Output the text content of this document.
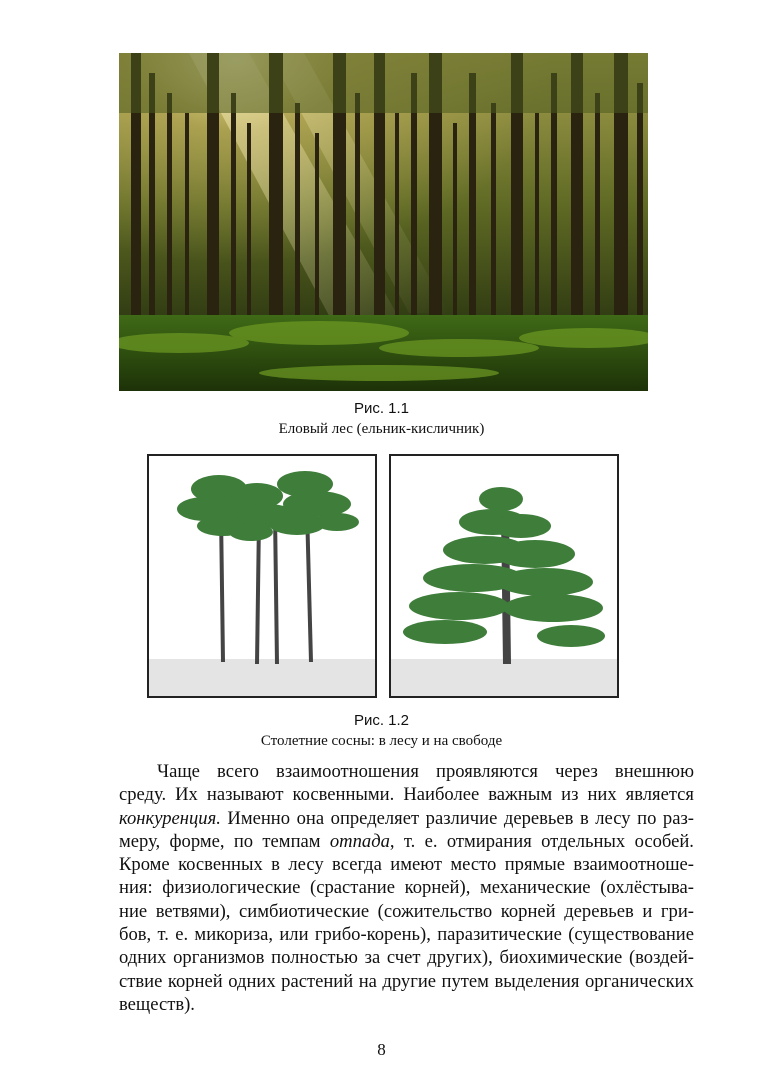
Рис. 1.1
Еловый лес (ельник-кисличник)
Рис. 1.2
Столетние сосны: в лесу и на свободе
Чаще всего взаимоотношения проявляются через внешнюю
среду. Их называют косвенными. Наиболее важным из них является
конкуренция. Именно она определяет различие деревьев в лесу по раз-
меру, форме, по темпам отпада, т. е. отмирания отдельных особей.
Кроме косвенных в лесу всегда имеют место прямые взаимоотноше-
ния: физиологические (срастание корней), механические (охлёстыва-
ние ветвями), симбиотические (сожительство корней деревьев и гри-
бов, т. е. микориза, или грибо-корень), паразитические (существование
одних организмов полностью за счет других), биохимические (воздей-
ствие корней одних растений на другие путем выделения органических
веществ).
8
